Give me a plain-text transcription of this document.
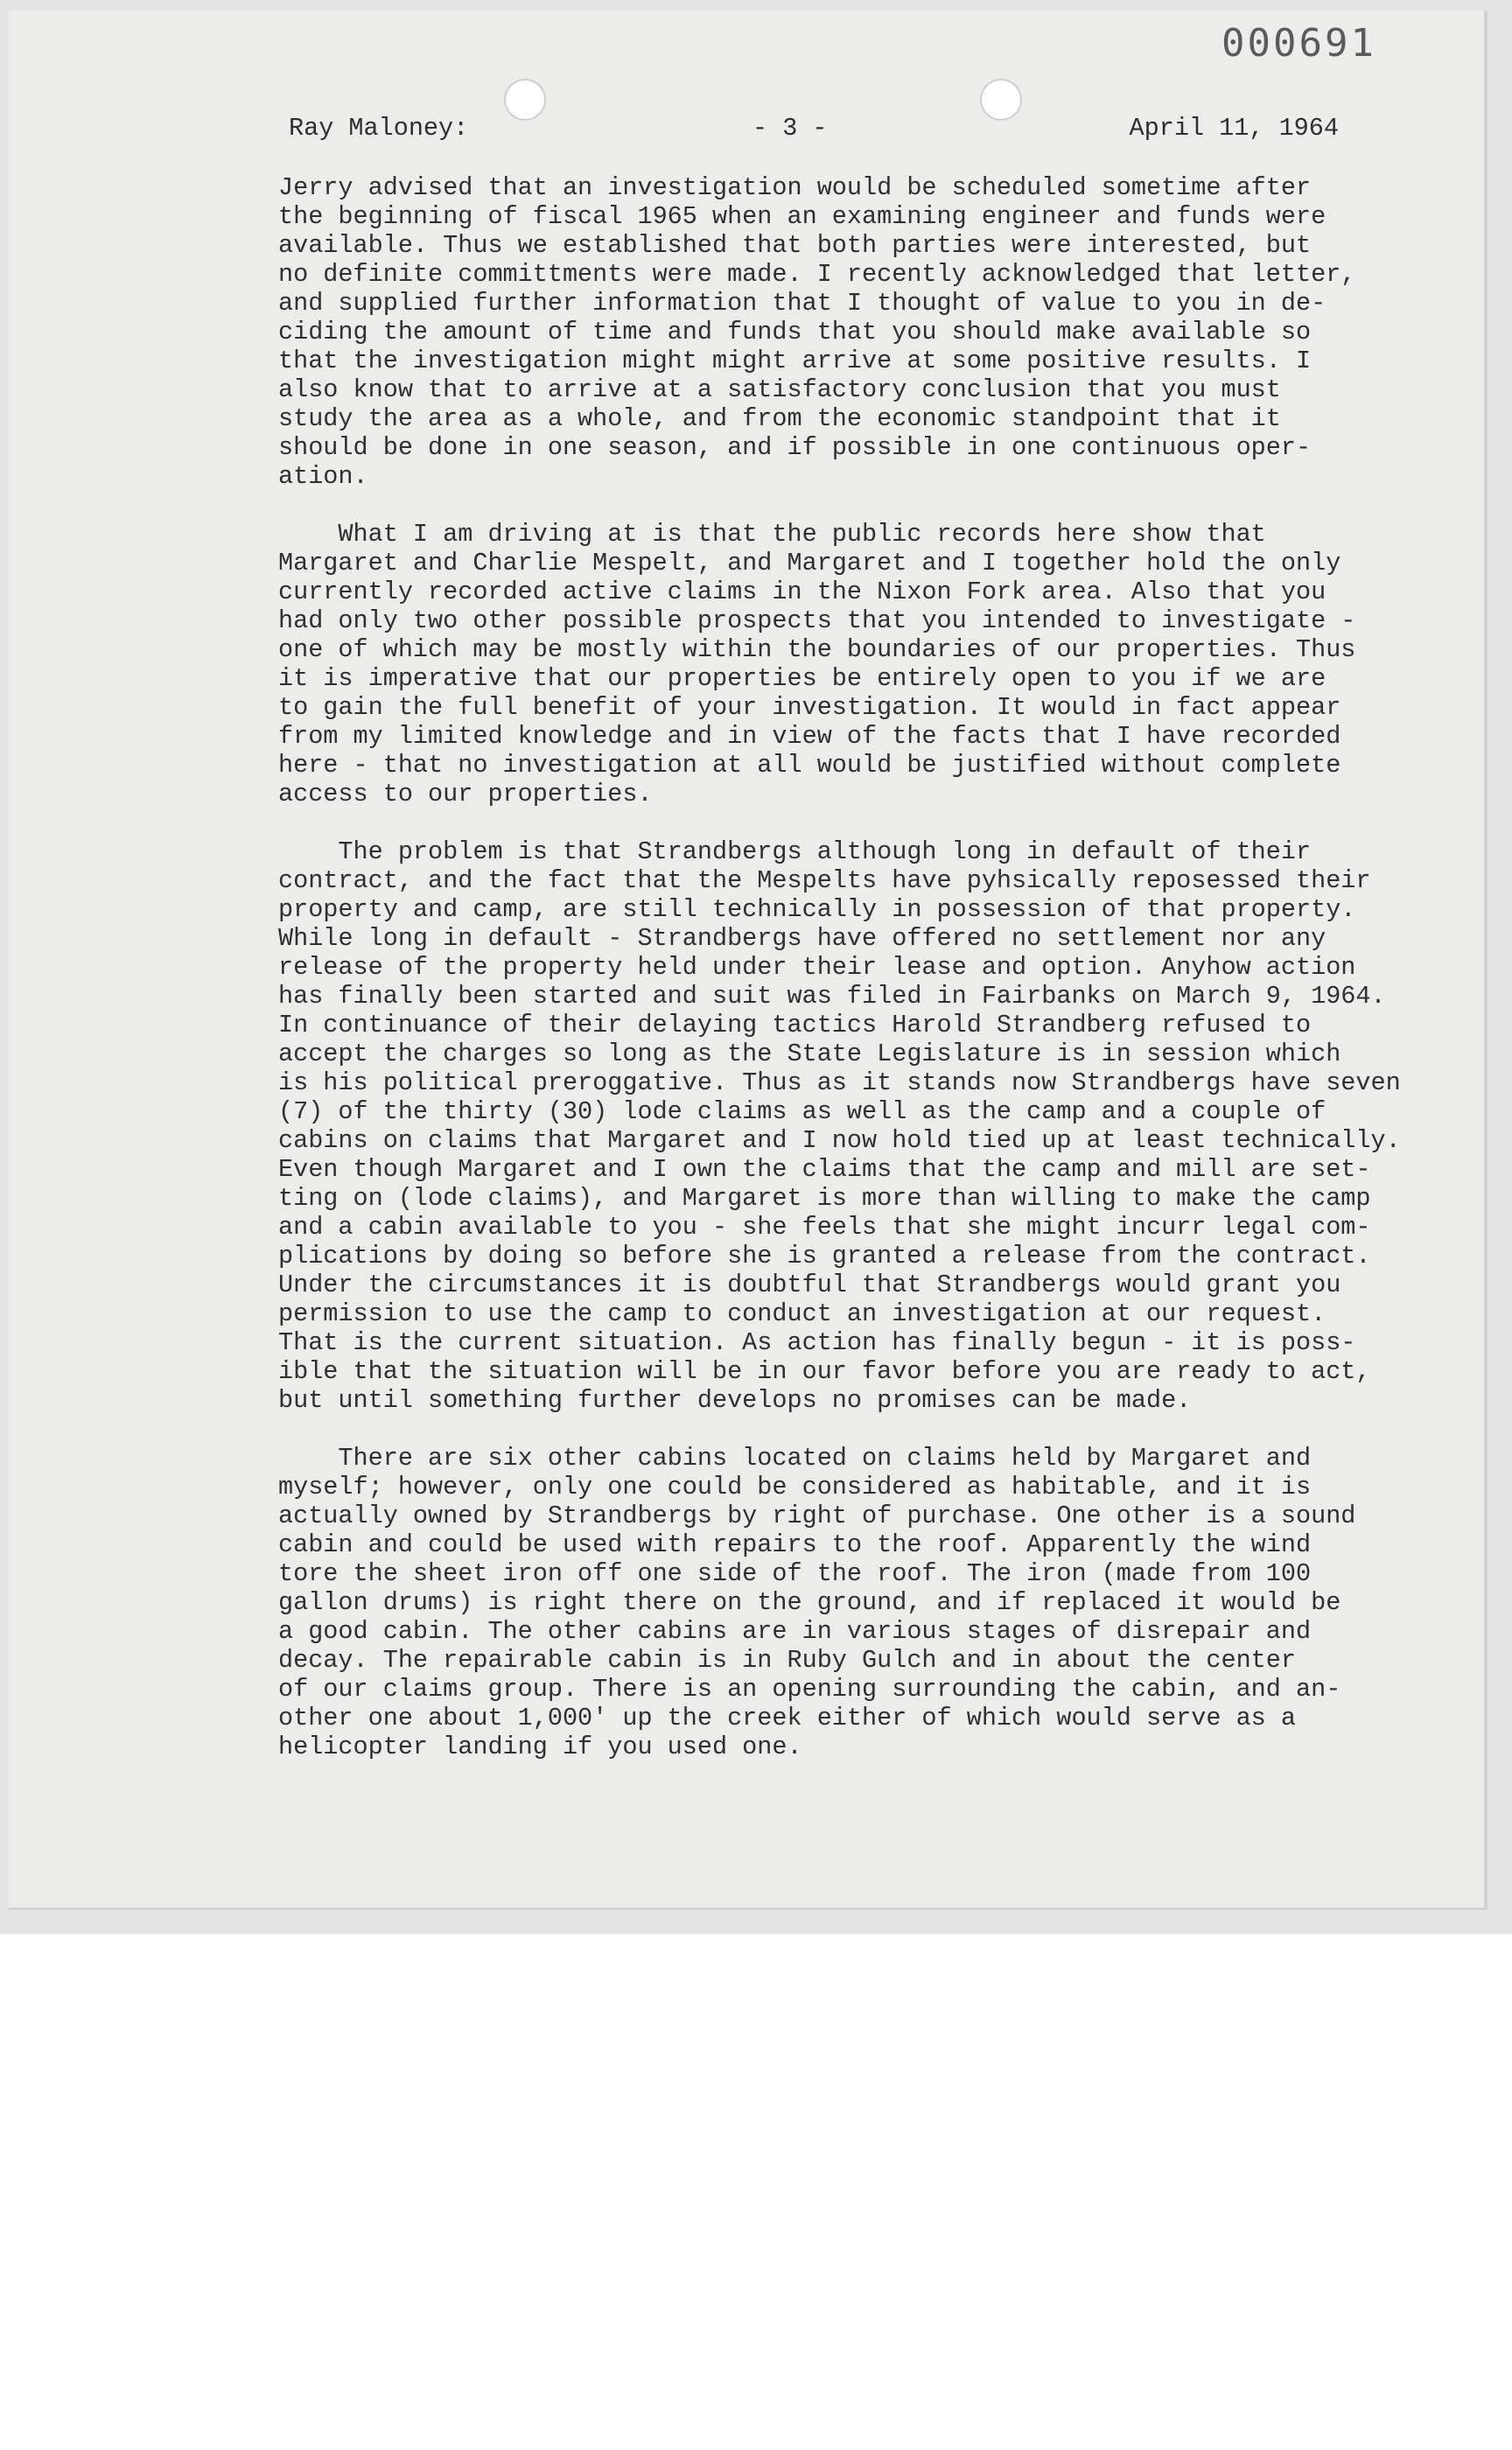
000691
Ray Maloney:	- 3 -	April 11, 1964
Jerry advised that an investigation would be scheduled sometime after
the beginning of fiscal 1965 when an examining engineer and funds were
available. Thus we established that both parties were interested, but
no definite committments were made. I recently acknowledged that letter,
and supplied further information that I thought of value to you in de-
ciding the amount of time and funds that you should make available so
that the investigation might might arrive at some positive results. I
also know that to arrive at a satisfactory conclusion that you must
study the area as a whole, and from the economic standpoint that it
should be done in one season, and if possible in one continuous oper-
ation.
What I am driving at is that the public records here show that
Margaret and Charlie Mespelt, and Margaret and I together hold the only
currently recorded active claims in the Nixon Fork area. Also that you
had only two other possible prospects that you intended to investigate -
one of which may be mostly within the boundaries of our properties. Thus
it is imperative that our properties be entirely open to you if we are
to gain the full benefit of your investigation. It would in fact appear
from my limited knowledge and in view of the facts that I have recorded
here - that no investigation at all would be justified without complete
access to our properties.
The problem is that Strandbergs although long in default of their
contract, and the fact that the Mespelts have pyhsically reposessed their
property and camp, are still technically in possession of that property.
While long in default - Strandbergs have offered no settlement nor any
release of the property held under their lease and option. Anyhow action
has finally been started and suit was filed in Fairbanks on March 9, 1964.
In continuance of their delaying tactics Harold Strandberg refused to
accept the charges so long as the State Legislature is in session which
is his political preroggative. Thus as it stands now Strandbergs have seven
(7) of the thirty (30) lode claims as well as the camp and a couple of
cabins on claims that Margaret and I now hold tied up at least technically.
Even though Margaret and I own the claims that the camp and mill are set-
ting on (lode claims), and Margaret is more than willing to make the camp
and a cabin available to you - she feels that she might incurr legal com-
plications by doing so before she is granted a release from the contract.
Under the circumstances it is doubtful that Strandbergs would grant you
permission to use the camp to conduct an investigation at our request.
That is the current situation. As action has finally begun - it is poss-
ible that the situation will be in our favor before you are ready to act,
but until something further develops no promises can be made.
There are six other cabins located on claims held by Margaret and
myself; however, only one could be considered as habitable, and it is
actually owned by Strandbergs by right of purchase. One other is a sound
cabin and could be used with repairs to the roof. Apparently the wind
tore the sheet iron off one side of the roof. The iron (made from 100
gallon drums) is right there on the ground, and if replaced it would be
a good cabin. The other cabins are in various stages of disrepair and
decay. The repairable cabin is in Ruby Gulch and in about the center
of our claims group. There is an opening surrounding the cabin, and an-
other one about 1,000' up the creek either of which would serve as a
helicopter landing if you used one.
